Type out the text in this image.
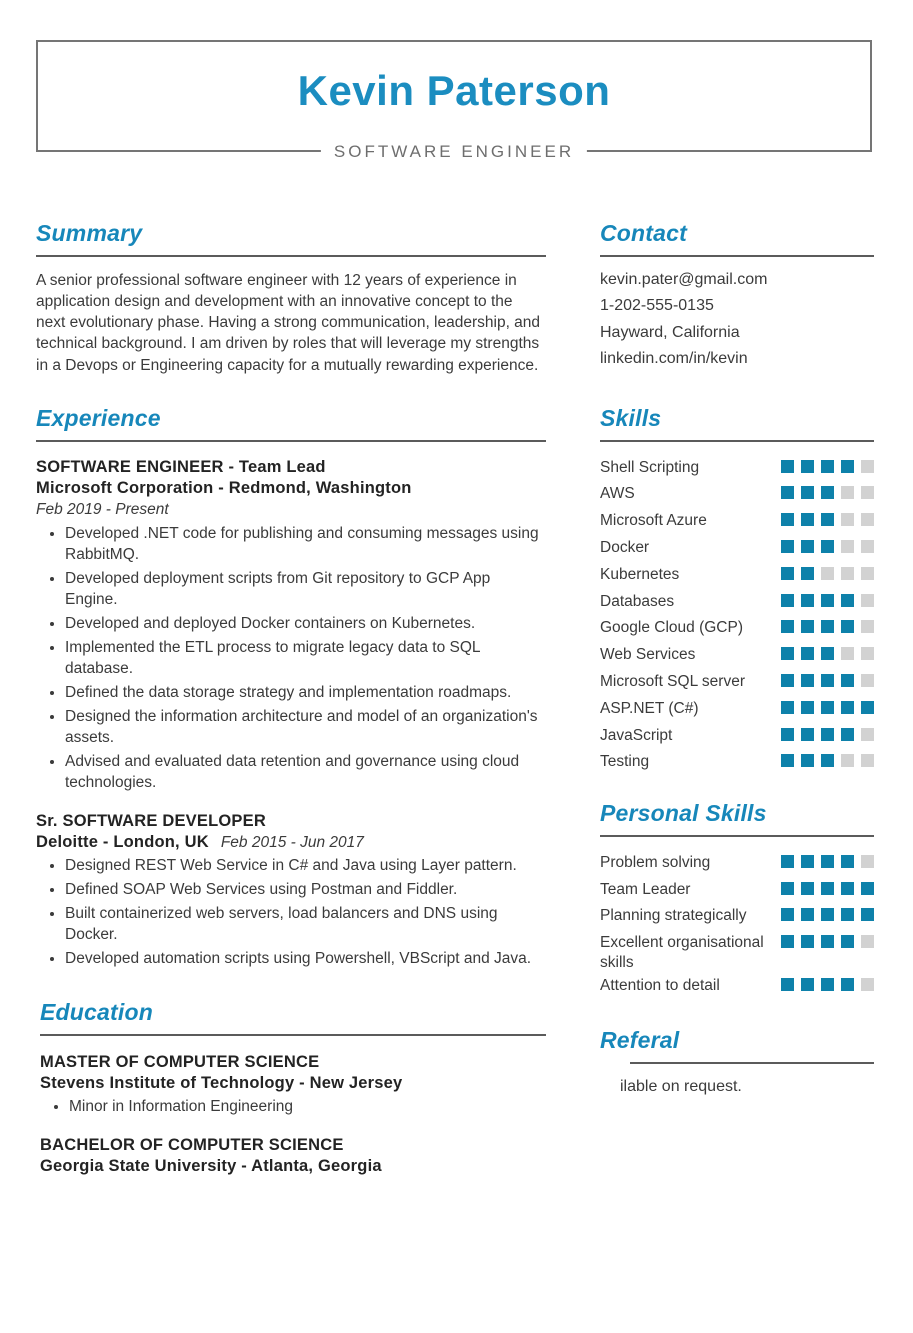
Kevin Paterson
SOFTWARE ENGINEER
Summary

A senior professional software engineer with 12 years of experience in application design and development with an innovative concept to the next evolutionary phase. Having a strong communication, leadership, and technical background. I am driven by roles that will leverage my strengths in a Devops or Engineering capacity for a mutually rewarding experience.

Experience
SOFTWARE ENGINEER - Team Lead
Microsoft Corporation - Redmond, Washington
Feb 2019 - Present
• Developed .NET code for publishing and consuming messages using RabbitMQ.
• Developed deployment scripts from Git repository to GCP App Engine.
• Developed and deployed Docker containers on Kubernetes.
• Implemented the ETL process to migrate legacy data to SQL database.
• Defined the data storage strategy and implementation roadmaps.
• Designed the information architecture and model of an organization's assets.
• Advised and evaluated data retention and governance using cloud technologies.
Sr. SOFTWARE DEVELOPER
Deloitte - London, UK Feb 2015 - Jun 2017
• Designed REST Web Service in C# and Java using Layer pattern.
• Defined SOAP Web Services using Postman and Fiddler.
• Built containerized web servers, load balancers and DNS using Docker.
• Developed automation scripts using Powershell, VBScript and Java.
Education
MASTER OF COMPUTER SCIENCE
Stevens Institute of Technology - New Jersey
• Minor in Information Engineering
BACHELOR OF COMPUTER SCIENCE
Georgia State University - Atlanta, Georgia
Contact
kevin.pater@gmail.com
1-202-555-0135
Hayward, California
linkedin.com/in/kevin
Skills
Shell Scripting
AWS
Microsoft Azure
Docker
Kubernetes
Databases
Google Cloud (GCP)
Web Services
Microsoft SQL server
ASP.NET (C#)
JavaScript
Testing
Personal Skills
Problem solving
Team Leader
Planning strategically
Excellent organisational skills
Attention to detail
Referal
ilable on request.
